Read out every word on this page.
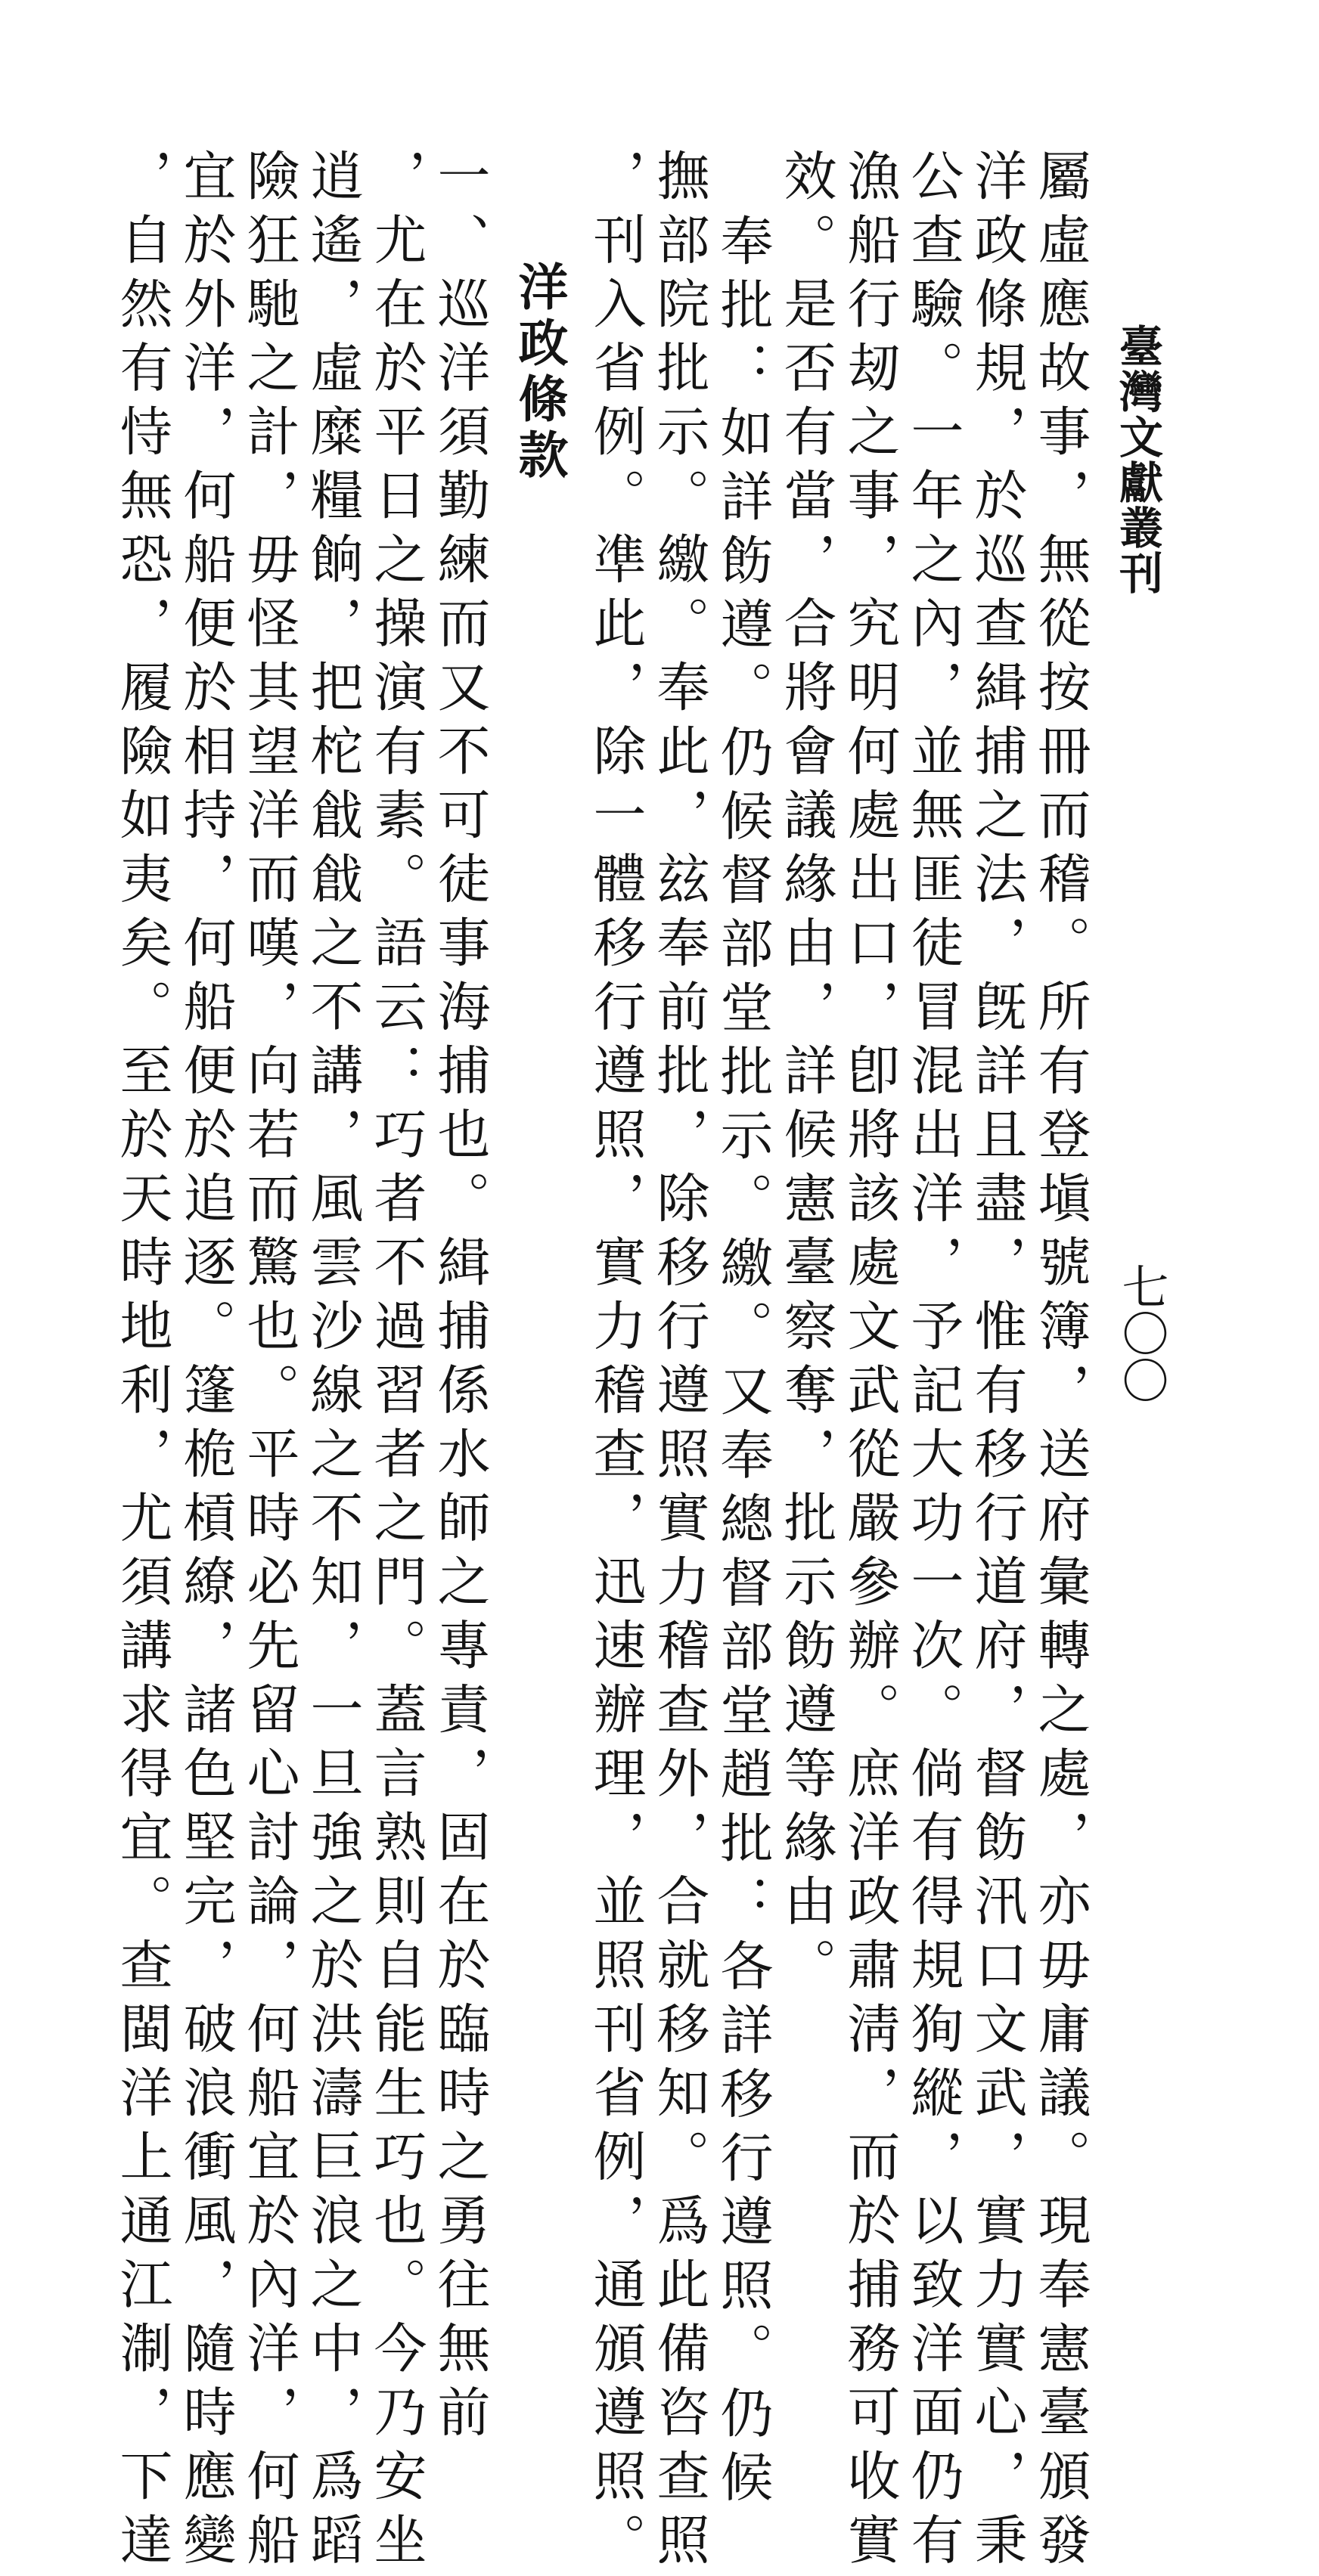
臺灣文獻叢刊
七〇〇
屬虛應故事，無從按冊而稽。所有登塡號簿，送府彙轉之處，亦毋庸議。現奉憲臺頒發
洋政條規，於巡查緝捕之法，旣詳且盡，惟有移行道府，督飭汛口文武，實力實心，秉
公查驗。一年之內，並無匪徒冒混出洋，予記大功一次。倘有得規狥縱，以致洋面仍有
漁船行刼之事，究明何處出口，卽將該處文武從嚴參辦。庶洋政肅淸，而於捕務可收實
效。是否有當，合將會議緣由，詳候憲臺察奪，批示飭遵等緣由。
奉批：如詳飭遵。仍候督部堂批示。繳。又奉總督部堂趙批：各詳移行遵照。仍候
撫部院批示。繳。奉此，玆奉前批，除移行遵照實力稽查外，合就移知。爲此備咨查照
，刊入省例。凖此，除一體移行遵照，實力稽查，迅速辦理，並照刊省例，通頒遵照。
洋政條款
一、巡洋須勤練而又不可徒事海捕也。緝捕係水師之專責，固在於臨時之勇往無前
，尤在於平日之操演有素。語云：巧者不過習者之門。蓋言熟則自能生巧也。今乃安坐
逍遙，虛糜糧餉，把柁戧戧之不講，風雲沙線之不知，一旦強之於洪濤巨浪之中，爲蹈
險狂馳之計，毋怪其望洋而嘆，向若而驚也。平時必先留心討論，何船宜於內洋，何船
宜於外洋，何船便於相持，何船便於追逐。篷桅槓繚，諸色堅完，破浪衝風，隨時應變
，自然有恃無恐，履險如夷矣。至於天時地利，尤須講求得宜。查閩洋上通江淛，下達
